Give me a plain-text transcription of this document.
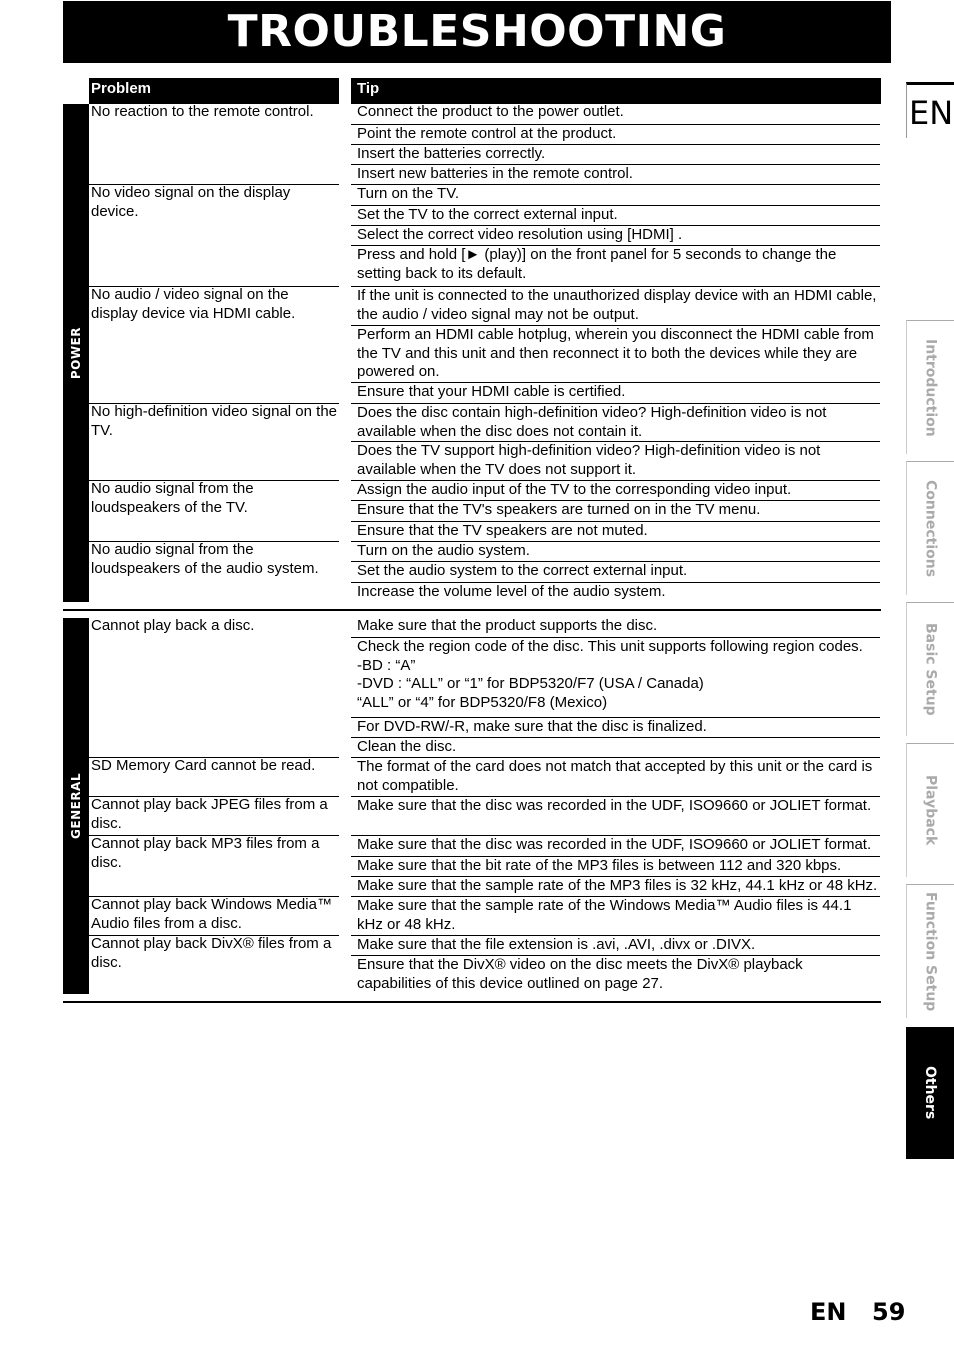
TROUBLESHOOTING
EN
Introduction
Connections
Basic Setup
Playback
Function Setup
Others
Problem	Tip
POWER
GENERAL
No reaction to the remote control.
No video signal on the display device.
No audio / video signal on the display device via HDMI cable.
No high-definition video signal on the TV.
No audio signal from the loudspeakers of the TV.
No audio signal from the loudspeakers of the audio system.
Cannot play back a disc.
SD Memory Card cannot be read.
Cannot play back JPEG files from a disc.
Cannot play back MP3 files from a disc.
Cannot play back Windows Media™ Audio files from a disc.
Cannot play back DivX® files from a disc.
Connect the product to the power outlet.
Point the remote control at the product.
Insert the batteries correctly.
Insert new batteries in the remote control.
Turn on the TV.
Set the TV to the correct external input.
Select the correct video resolution using [HDMI] .
Press and hold [► (play)] on the front panel for 5 seconds to change the setting back to its default.
If the unit is connected to the unauthorized display device with an HDMI cable, the audio / video signal may not be output.
Perform an HDMI cable hotplug, wherein you disconnect the HDMI cable from the TV and this unit and then reconnect it to both the devices while they are powered on.
Ensure that your HDMI cable is certified.
Does the disc contain high-definition video? High-definition video is not available when the disc does not contain it.
Does the TV support high-definition video? High-definition video is not available when the TV does not support it.
Assign the audio input of the TV to the corresponding video input.
Ensure that the TV's speakers are turned on in the TV menu.
Ensure that the TV speakers are not muted.
Turn on the audio system.
Set the audio system to the correct external input.
Increase the volume level of the audio system.
Make sure that the product supports the disc.
Check the region code of the disc. This unit supports following region codes.
-BD : “A”
-DVD : “ALL” or “1” for BDP5320/F7 (USA / Canada)
“ALL” or “4” for BDP5320/F8 (Mexico)
For DVD-RW/-R, make sure that the disc is finalized.
Clean the disc.
The format of the card does not match that accepted by this unit or the card is not compatible.
Make sure that the disc was recorded in the UDF, ISO9660 or JOLIET format.
Make sure that the disc was recorded in the UDF, ISO9660 or JOLIET format.
Make sure that the bit rate of the MP3 files is between 112 and 320 kbps.
Make sure that the sample rate of the MP3 files is 32 kHz, 44.1 kHz or 48 kHz.
Make sure that the sample rate of the Windows Media™ Audio files is 44.1 kHz or 48 kHz.
Make sure that the file extension is .avi, .AVI, .divx or .DIVX.
Ensure that the DivX® video on the disc meets the DivX® playback capabilities of this device outlined on page 27.
EN 59
